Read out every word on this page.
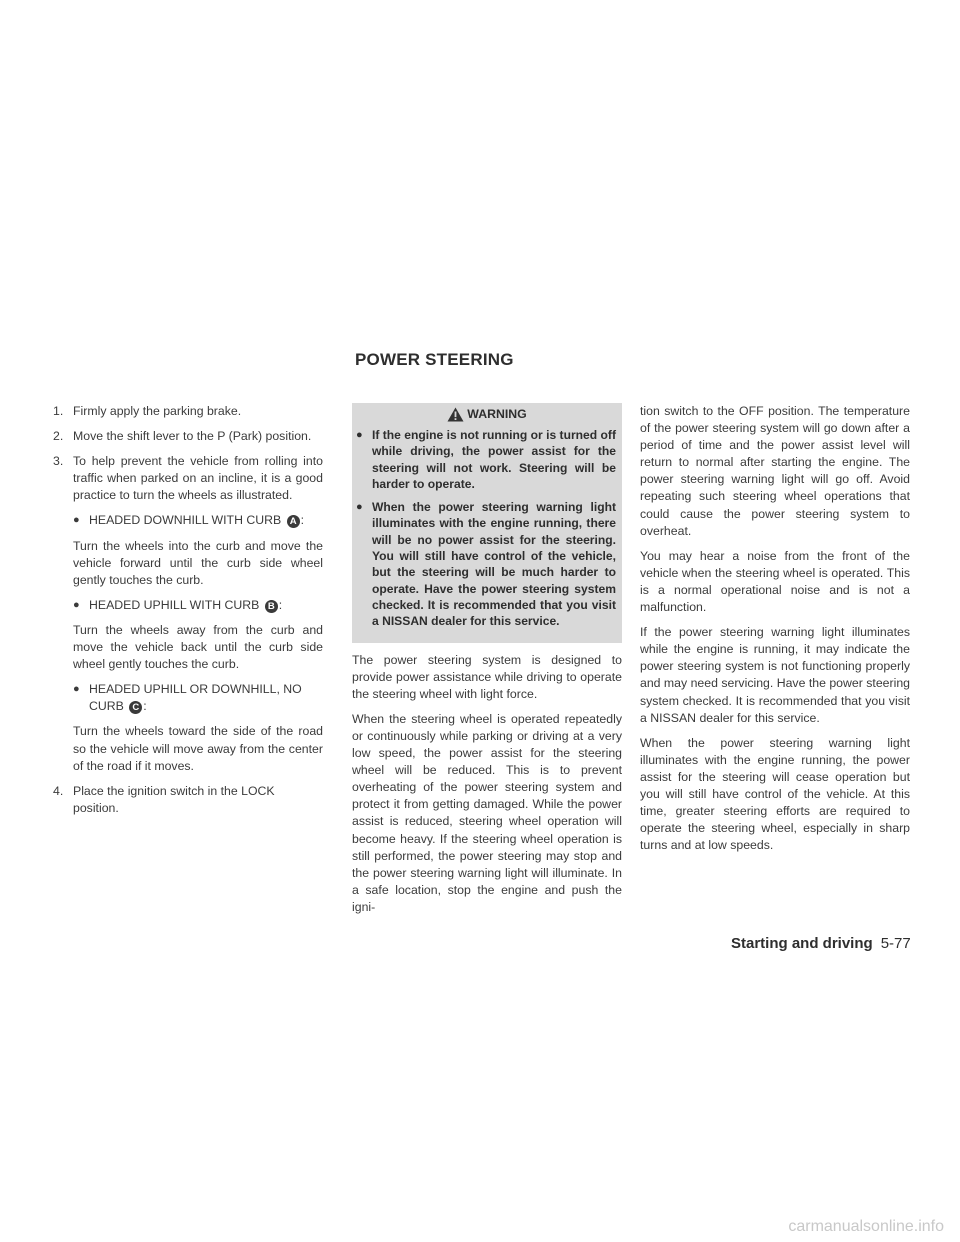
POWER STEERING
1. Firmly apply the parking brake.
2. Move the shift lever to the P (Park) position.
3. To help prevent the vehicle from rolling into traffic when parked on an incline, it is a good practice to turn the wheels as illustrated.
● HEADED DOWNHILL WITH CURB A :

Turn the wheels into the curb and move the vehicle forward until the curb side wheel gently touches the curb.

● HEADED UPHILL WITH CURB B :

Turn the wheels away from the curb and move the vehicle back until the curb side wheel gently touches the curb.

● HEADED UPHILL OR DOWNHILL, NO CURB C :

Turn the wheels toward the side of the road so the vehicle will move away from the center of the road if it moves.

4. Place the ignition switch in the LOCK position.
WARNING
● If the engine is not running or is turned off while driving, the power assist for the steering will not work. Steering will be harder to operate.
● When the power steering warning light illuminates with the engine running, there will be no power assist for the steering. You will still have control of the vehicle, but the steering will be much harder to operate. Have the power steering system checked. It is recommended that you visit a NISSAN dealer for this service.

The power steering system is designed to provide power assistance while driving to operate the steering wheel with light force.

When the steering wheel is operated repeatedly or continuously while parking or driving at a very low speed, the power assist for the steering wheel will be reduced. This is to prevent overheating of the power steering system and protect it from getting damaged. While the power assist is reduced, steering wheel operation will become heavy. If the steering wheel operation is still performed, the power steering may stop and the power steering warning light will illuminate. In a safe location, stop the engine and push the igni-

tion switch to the OFF position. The temperature of the power steering system will go down after a period of time and the power assist level will return to normal after starting the engine. The power steering warning light will go off. Avoid repeating such steering wheel operations that could cause the power steering system to overheat.

You may hear a noise from the front of the vehicle when the steering wheel is operated. This is a normal operational noise and is not a malfunction.

If the power steering warning light illuminates while the engine is running, it may indicate the power steering system is not functioning properly and may need servicing. Have the power steering system checked. It is recommended that you visit a NISSAN dealer for this service.

When the power steering warning light illuminates with the engine running, the power assist for the steering will cease operation but you will still have control of the vehicle. At this time, greater steering efforts are required to operate the steering wheel, especially in sharp turns and at low speeds.

Starting and driving 5-77
carmanualsonline.info
